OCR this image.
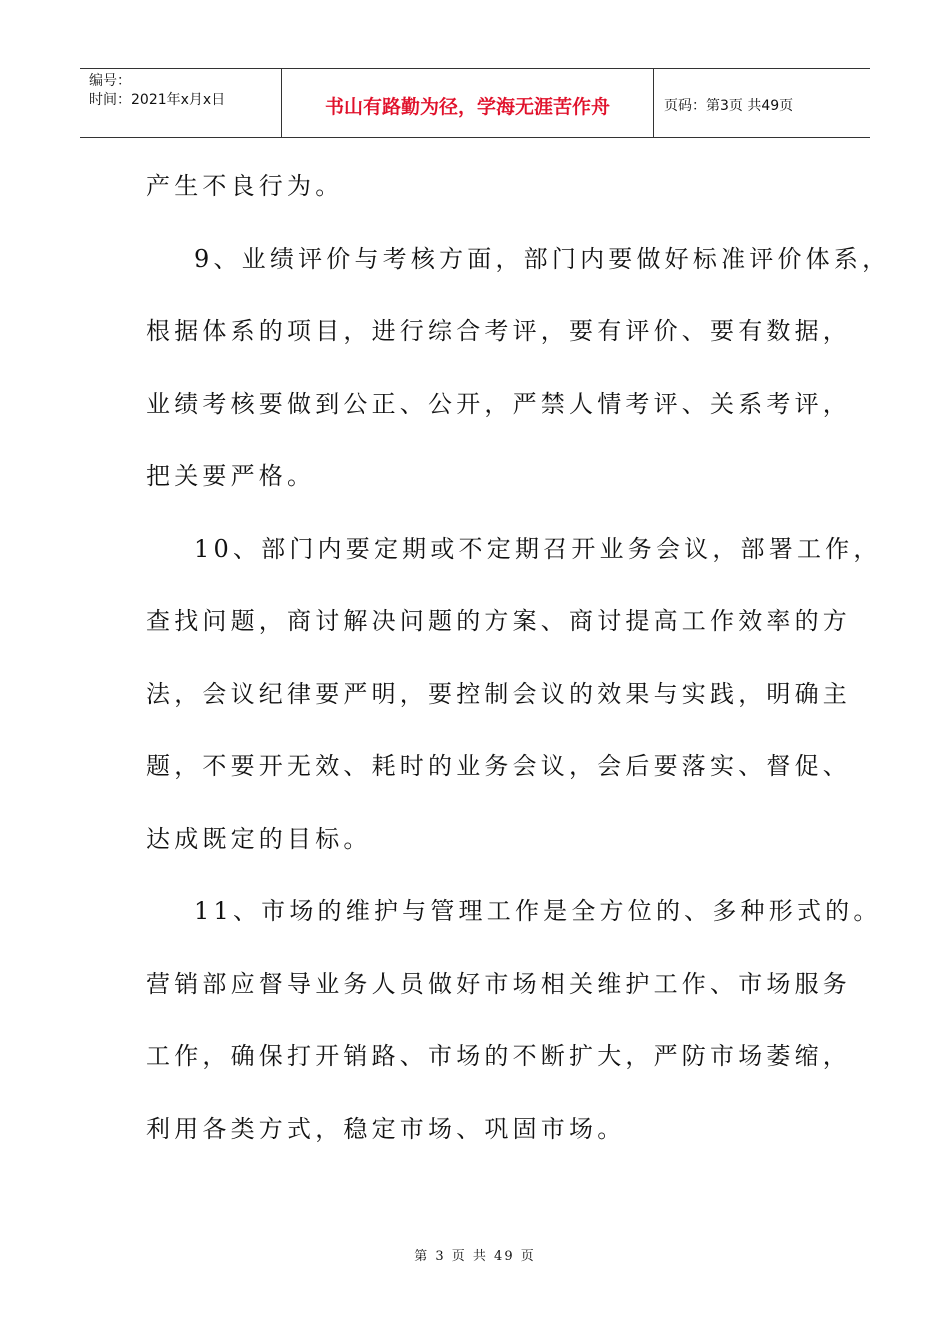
编号：
时间：2021年x月x日	书山有路勤为径，学海无涯苦作舟	页码：第3页 共49页
产生不良行为。
9、业绩评价与考核方面，部门内要做好标准评价体系，
根据体系的项目，进行综合考评，要有评价、要有数据，
业绩考核要做到公正、公开，严禁人情考评、关系考评，
把关要严格。
10、部门内要定期或不定期召开业务会议，部署工作，
查找问题，商讨解决问题的方案、商讨提高工作效率的方
法，会议纪律要严明，要控制会议的效果与实践，明确主
题，不要开无效、耗时的业务会议，会后要落实、督促、
达成既定的目标。
11、市场的维护与管理工作是全方位的、多种形式的。
营销部应督导业务人员做好市场相关维护工作、市场服务
工作，确保打开销路、市场的不断扩大，严防市场萎缩，
利用各类方式，稳定市场、巩固市场。
第 3 页 共 49 页
